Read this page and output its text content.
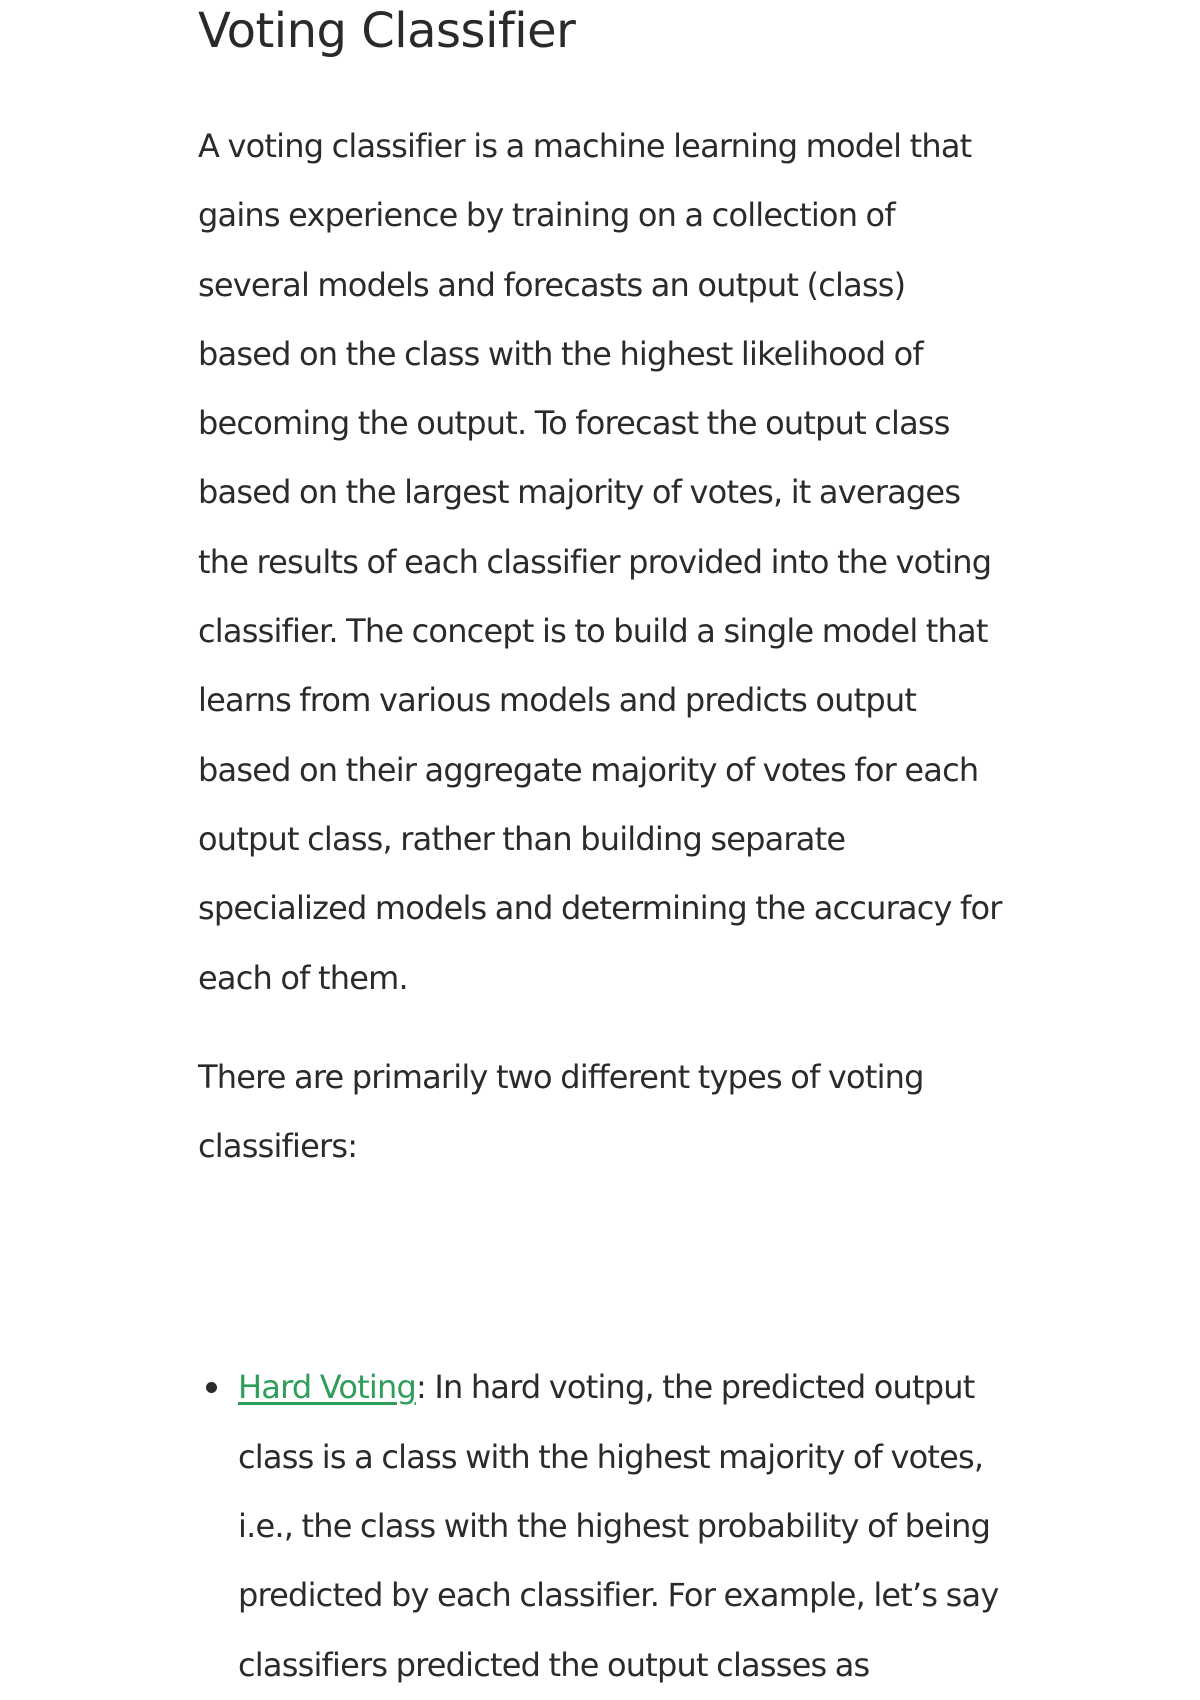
Voting Classifier

A voting classifier is a machine learning model that gains experience by training on a collection of several models and forecasts an output (class) based on the class with the highest likelihood of becoming the output. To forecast the output class based on the largest majority of votes, it averages the results of each classifier provided into the voting classifier. The concept is to build a single model that learns from various models and predicts output based on their aggregate majority of votes for each output class, rather than building separate specialized models and determining the accuracy for each of them.

There are primarily two different types of voting classifiers:

Hard Voting: In hard voting, the predicted output class is a class with the highest majority of votes, i.e., the class with the highest probability of being predicted by each classifier. For example, let’s say classifiers predicted the output classes as
